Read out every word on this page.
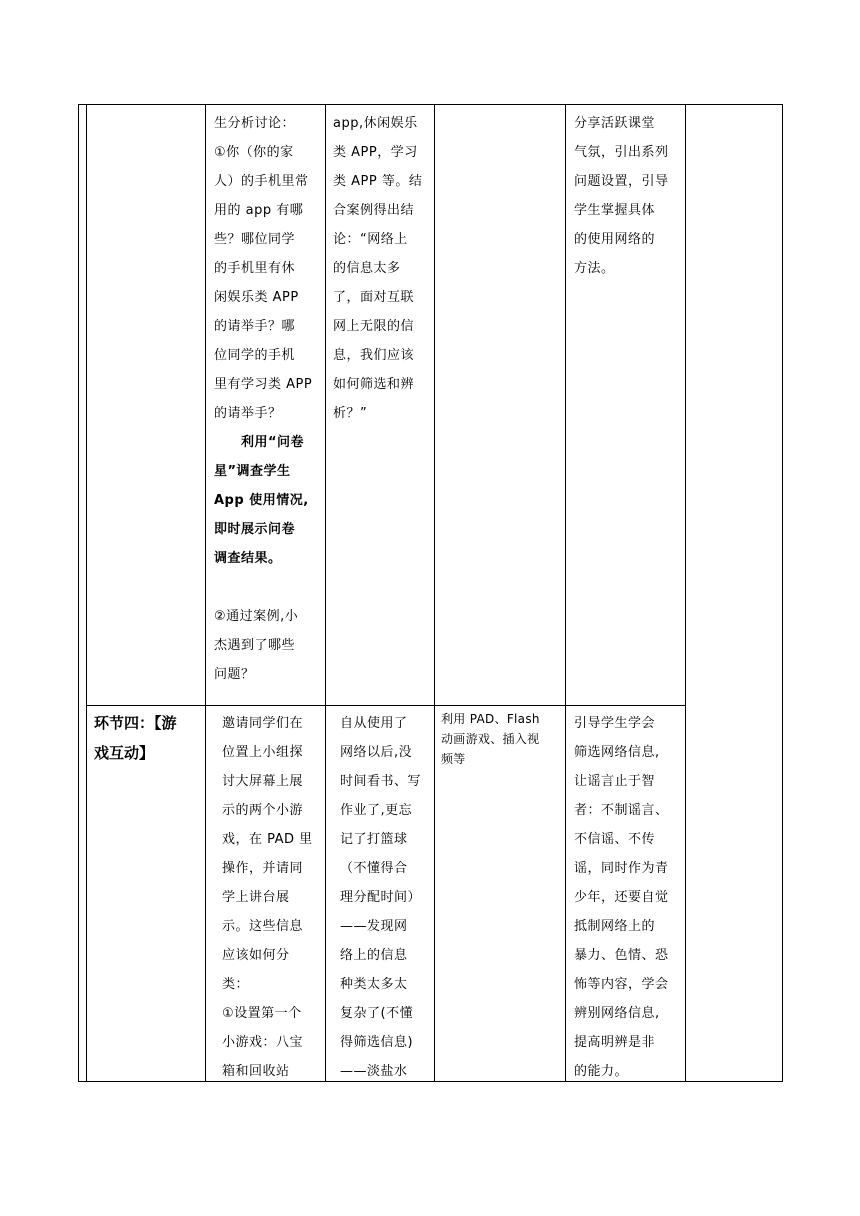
生分析讨论：

①你（你的家

人）的手机里常

用的 app 有哪

些？哪位同学

的手机里有休

闲娱乐类 APP

的请举手？哪

位同学的手机

里有学习类 APP

的请举手？

　　利用“问卷

星”调查学生

App 使用情况,

即时展示问卷

调查结果。

②通过案例,小

杰遇到了哪些

问题？

app,休闲娱乐

类 APP，学习

类 APP 等。结

合案例得出结

论：“网络上

的信息太多

了，面对互联

网上无限的信

息，我们应该

如何筛选和辨

析？”

分享活跃课堂

气氛，引出系列

问题设置，引导

学生掌握具体

的使用网络的

方法。

环节四：【游

戏互动】

邀请同学们在

位置上小组探

讨大屏幕上展

示的两个小游

戏，在 PAD 里

操作，并请同

学上讲台展

示。这些信息

应该如何分

类：

①设置第一个

小游戏：八宝

箱和回收站

自从使用了

网络以后,没

时间看书、写

作业了,更忘

记了打篮球

（不懂得合

理分配时间）

——发现网

络上的信息

种类太多太

复杂了(不懂

得筛选信息)

——淡盐水

利用 PAD、Flash

动画游戏、插入视

频等

引导学生学会

筛选网络信息,

让谣言止于智

者：不制谣言、

不信谣、不传

谣，同时作为青

少年，还要自觉

抵制网络上的

暴力、色情、恐

怖等内容，学会

辨别网络信息,

提高明辨是非

的能力。
